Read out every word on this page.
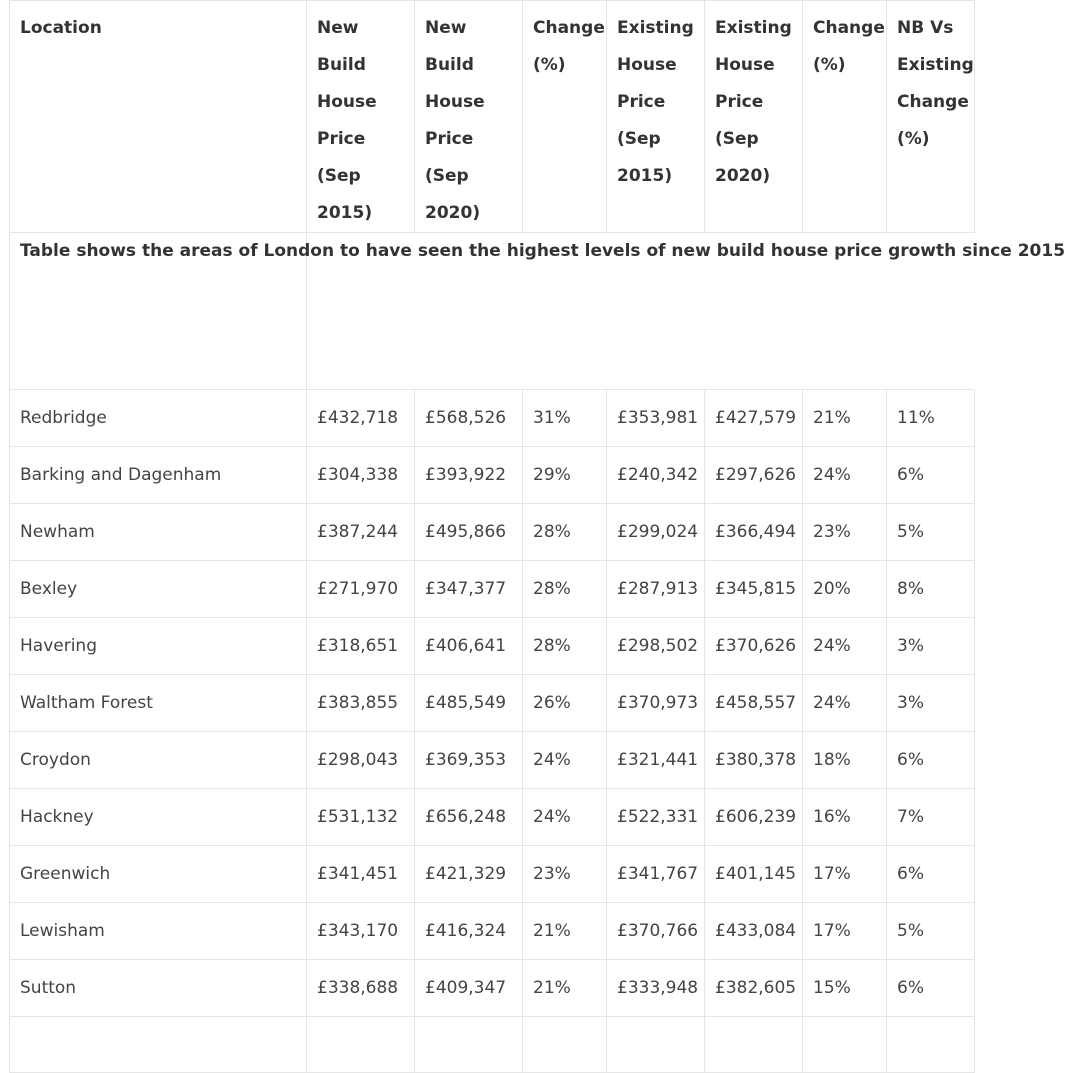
Table shows the areas of London to have seen the highest levels of new build house price growth since 2015							
Location	New Build House Price (Sep 2015)	New Build House Price (Sep 2020)	Change (%)	Existing House Price (Sep 2015)	Existing House Price (Sep 2020)	Change (%)	NB Vs Existing Change (%)
Redbridge	£432,718	£568,526	31%	£353,981	£427,579	21%	11%
Barking and Dagenham	£304,338	£393,922	29%	£240,342	£297,626	24%	6%
Newham	£387,244	£495,866	28%	£299,024	£366,494	23%	5%
Bexley	£271,970	£347,377	28%	£287,913	£345,815	20%	8%
Havering	£318,651	£406,641	28%	£298,502	£370,626	24%	3%
Waltham Forest	£383,855	£485,549	26%	£370,973	£458,557	24%	3%
Croydon	£298,043	£369,353	24%	£321,441	£380,378	18%	6%
Hackney	£531,132	£656,248	24%	£522,331	£606,239	16%	7%
Greenwich	£341,451	£421,329	23%	£341,767	£401,145	17%	6%
Lewisham	£343,170	£416,324	21%	£370,766	£433,084	17%	5%
Sutton	£338,688	£409,347	21%	£333,948	£382,605	15%	6%
